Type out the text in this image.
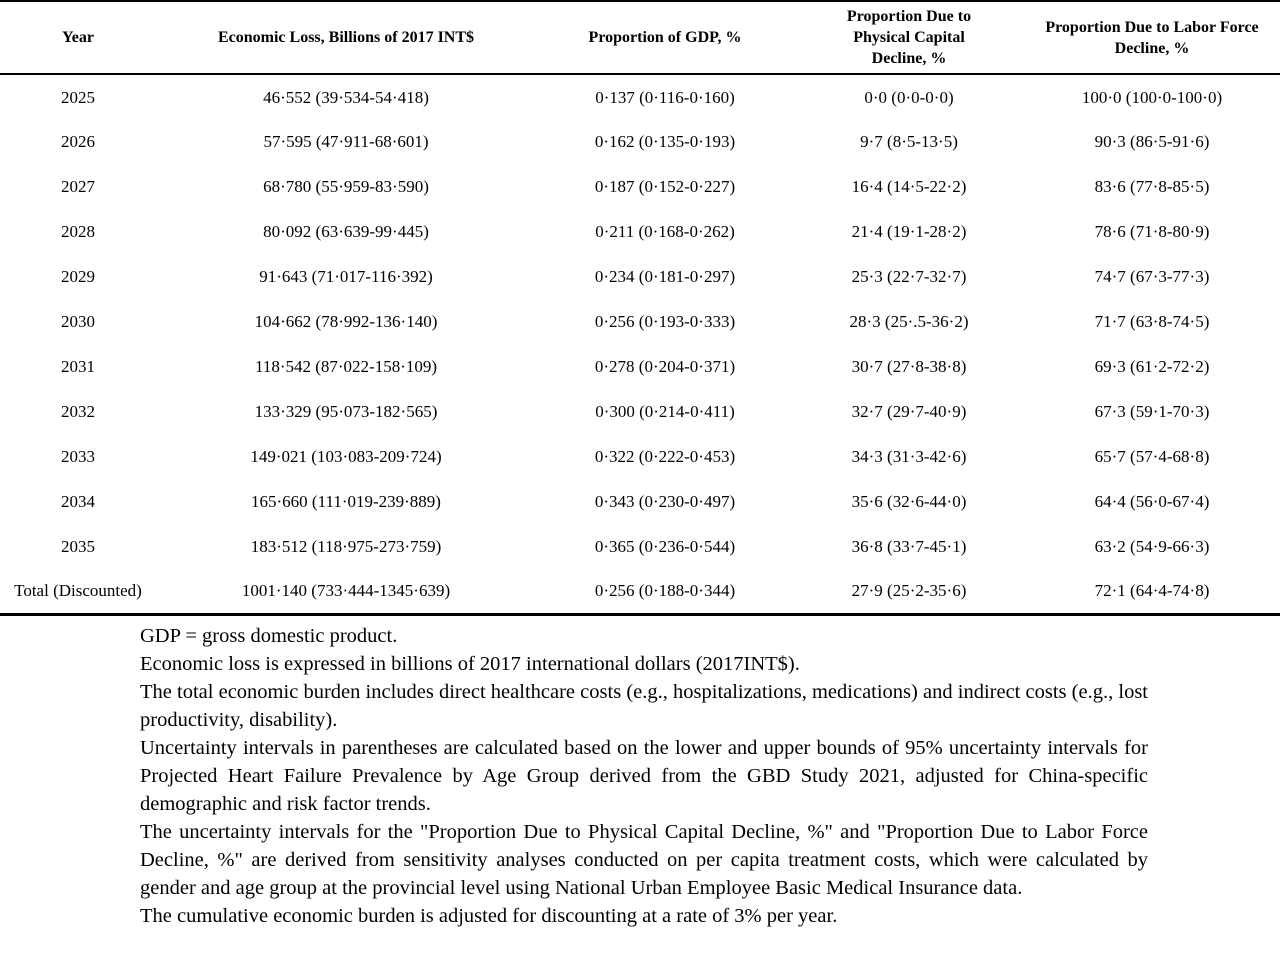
Year	Economic Loss, Billions of 2017 INT$	Proportion of GDP, %	Proportion Due to Physical Capital Decline, %	Proportion Due to Labor Force Decline, %
2025	46·552 (39·534-54·418)	0·137 (0·116-0·160)	0·0 (0·0-0·0)	100·0 (100·0-100·0)
2026	57·595 (47·911-68·601)	0·162 (0·135-0·193)	9·7 (8·5-13·5)	90·3 (86·5-91·6)
2027	68·780 (55·959-83·590)	0·187 (0·152-0·227)	16·4 (14·5-22·2)	83·6 (77·8-85·5)
2028	80·092 (63·639-99·445)	0·211 (0·168-0·262)	21·4 (19·1-28·2)	78·6 (71·8-80·9)
2029	91·643 (71·017-116·392)	0·234 (0·181-0·297)	25·3 (22·7-32·7)	74·7 (67·3-77·3)
2030	104·662 (78·992-136·140)	0·256 (0·193-0·333)	28·3 (25·.5-36·2)	71·7 (63·8-74·5)
2031	118·542 (87·022-158·109)	0·278 (0·204-0·371)	30·7 (27·8-38·8)	69·3 (61·2-72·2)
2032	133·329 (95·073-182·565)	0·300 (0·214-0·411)	32·7 (29·7-40·9)	67·3 (59·1-70·3)
2033	149·021 (103·083-209·724)	0·322 (0·222-0·453)	34·3 (31·3-42·6)	65·7 (57·4-68·8)
2034	165·660 (111·019-239·889)	0·343 (0·230-0·497)	35·6 (32·6-44·0)	64·4 (56·0-67·4)
2035	183·512 (118·975-273·759)	0·365 (0·236-0·544)	36·8 (33·7-45·1)	63·2 (54·9-66·3)
Total (Discounted)	1001·140 (733·444-1345·639)	0·256 (0·188-0·344)	27·9 (25·2-35·6)	72·1 (64·4-74·8)

GDP = gross domestic product.

Economic loss is expressed in billions of 2017 international dollars (2017INT$).

The total economic burden includes direct healthcare costs (e.g., hospitalizations, medications) and indirect costs (e.g., lost productivity, disability).

Uncertainty intervals in parentheses are calculated based on the lower and upper bounds of 95% uncertainty intervals for Projected Heart Failure Prevalence by Age Group derived from the GBD Study 2021, adjusted for China-specific demographic and risk factor trends.

The uncertainty intervals for the "Proportion Due to Physical Capital Decline, %" and "Proportion Due to Labor Force Decline, %" are derived from sensitivity analyses conducted on per capita treatment costs, which were calculated by gender and age group at the provincial level using National Urban Employee Basic Medical Insurance data.

The cumulative economic burden is adjusted for discounting at a rate of 3% per year.
